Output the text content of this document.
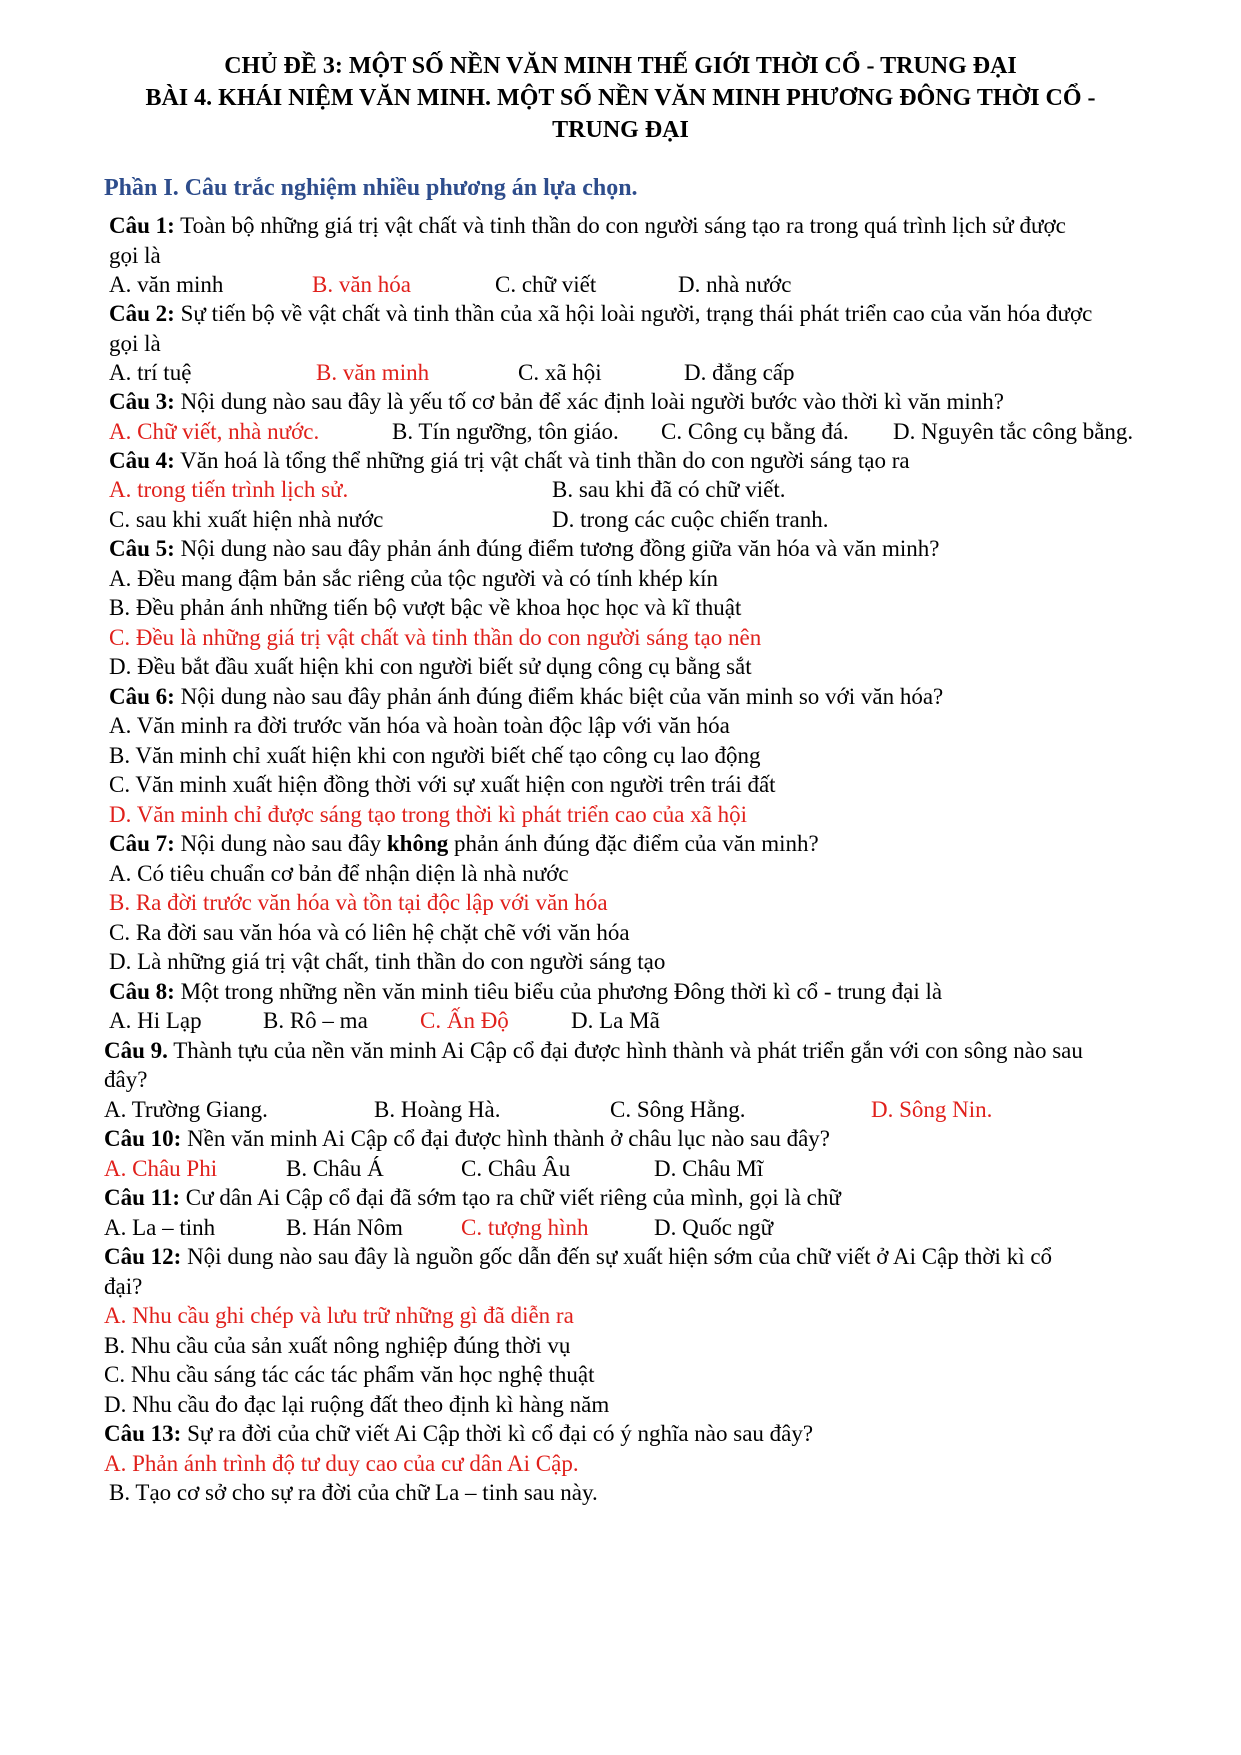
CHỦ ĐỀ 3: MỘT SỐ NỀN VĂN MINH THẾ GIỚI THỜI CỔ - TRUNG ĐẠI
BÀI 4. KHÁI NIỆM VĂN MINH. MỘT SỐ NỀN VĂN MINH PHƯƠNG ĐÔNG THỜI CỔ -
TRUNG ĐẠI
Phần I. Câu trắc nghiệm nhiều phương án lựa chọn.
Câu 1: Toàn bộ những giá trị vật chất và tinh thần do con người sáng tạo ra trong quá trình lịch sử được
gọi là
A. văn minh	B. văn hóa	C. chữ viết	D. nhà nước
Câu 2: Sự tiến bộ về vật chất và tinh thần của xã hội loài người, trạng thái phát triển cao của văn hóa được
gọi là
A. trí tuệ	B. văn minh	C. xã hội	D. đẳng cấp
Câu 3: Nội dung nào sau đây là yếu tố cơ bản để xác định loài người bước vào thời kì văn minh?
A. Chữ viết, nhà nước.	B. Tín ngưỡng, tôn giáo. C. Công cụ bằng đá. D. Nguyên tắc công bằng.
Câu 4: Văn hoá là tổng thể những giá trị vật chất và tinh thần do con người sáng tạo ra
A. trong tiến trình lịch sử.	B. sau khi đã có chữ viết.
C. sau khi xuất hiện nhà nước	D. trong các cuộc chiến tranh.
Câu 5: Nội dung nào sau đây phản ánh đúng điểm tương đồng giữa văn hóa và văn minh?
A. Đều mang đậm bản sắc riêng của tộc người và có tính khép kín
B. Đều phản ánh những tiến bộ vượt bậc về khoa học học và kĩ thuật
C. Đều là những giá trị vật chất và tinh thần do con người sáng tạo nên
D. Đều bắt đầu xuất hiện khi con người biết sử dụng công cụ bằng sắt
Câu 6: Nội dung nào sau đây phản ánh đúng điểm khác biệt của văn minh so với văn hóa?
A. Văn minh ra đời trước văn hóa và hoàn toàn độc lập với văn hóa
B. Văn minh chỉ xuất hiện khi con người biết chế tạo công cụ lao động
C. Văn minh xuất hiện đồng thời với sự xuất hiện con người trên trái đất
D. Văn minh chỉ được sáng tạo trong thời kì phát triển cao của xã hội
Câu 7: Nội dung nào sau đây không phản ánh đúng đặc điểm của văn minh?
A. Có tiêu chuẩn cơ bản để nhận diện là nhà nước
B. Ra đời trước văn hóa và tồn tại độc lập với văn hóa
C. Ra đời sau văn hóa và có liên hệ chặt chẽ với văn hóa
D. Là những giá trị vật chất, tinh thần do con người sáng tạo
Câu 8: Một trong những nền văn minh tiêu biểu của phương Đông thời kì cổ - trung đại là
A. Hi Lạp	B. Rô – ma C. Ấn Độ	D. La Mã
Câu 9. Thành tựu của nền văn minh Ai Cập cổ đại được hình thành và phát triển gắn với con sông nào sau
đây?
A. Trường Giang.	B. Hoàng Hà.	C. Sông Hằng.	D. Sông Nin.
Câu 10: Nền văn minh Ai Cập cổ đại được hình thành ở châu lục nào sau đây?
A. Châu Phi	B. Châu Á	C. Châu Âu	D. Châu Mĩ
Câu 11: Cư dân Ai Cập cổ đại đã sớm tạo ra chữ viết riêng của mình, gọi là chữ
A. La – tinh	B. Hán Nôm	C. tượng hình	D. Quốc ngữ
Câu 12: Nội dung nào sau đây là nguồn gốc dẫn đến sự xuất hiện sớm của chữ viết ở Ai Cập thời kì cổ
đại?
A. Nhu cầu ghi chép và lưu trữ những gì đã diễn ra
B. Nhu cầu của sản xuất nông nghiệp đúng thời vụ
C. Nhu cầu sáng tác các tác phẩm văn học nghệ thuật
D. Nhu cầu đo đạc lại ruộng đất theo định kì hàng năm
Câu 13: Sự ra đời của chữ viết Ai Cập thời kì cổ đại có ý nghĩa nào sau đây?
A. Phản ánh trình độ tư duy cao của cư dân Ai Cập.
B. Tạo cơ sở cho sự ra đời của chữ La – tinh sau này.
